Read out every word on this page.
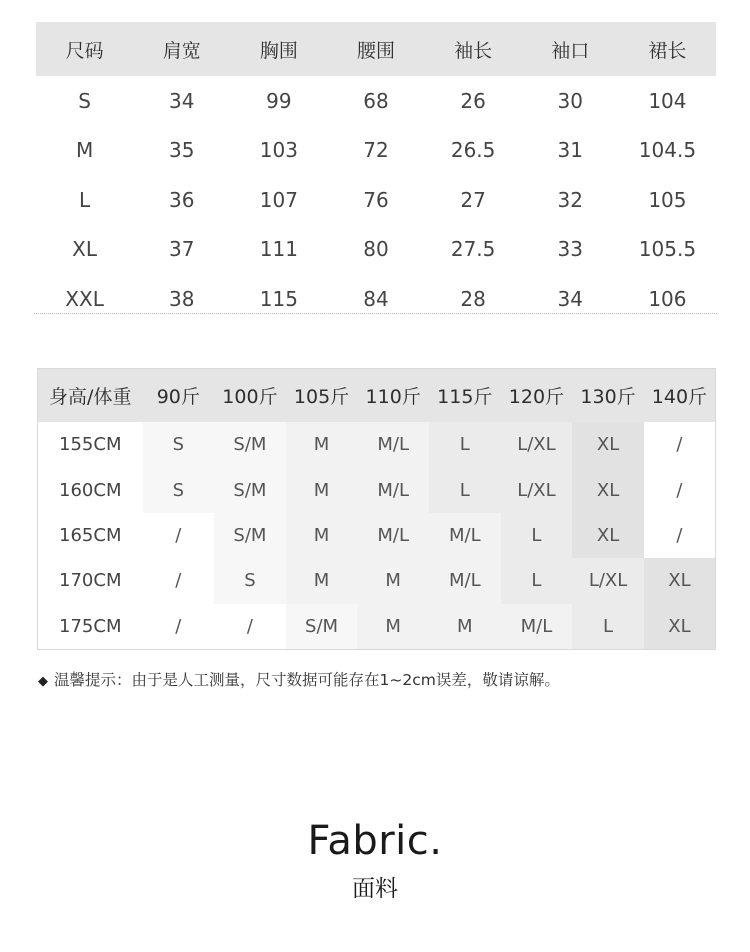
尺码	肩宽	胸围	腰围	袖长	袖口	裙长
S	34	99	68	26	30	104
M	35	103	72	26.5	31	104.5
L	36	107	76	27	32	105
XL	37	111	80	27.5	33	105.5
XXL	38	115	84	28	34	106
身高/体重	90斤	100斤	105斤	110斤	115斤	120斤	130斤	140斤
155CM	S	S/M	M	M/L	L	L/XL	XL	/
160CM	S	S/M	M	M/L	L	L/XL	XL	/
165CM	/	S/M	M	M/L	M/L	L	XL	/
170CM	/	S	M	M	M/L	L	L/XL	XL
175CM	/	/	S/M	M	M	M/L	L	XL
◆ 温馨提示：由于是人工测量，尺寸数据可能存在1~2cm误差，敬请谅解。
Fabric.
面料
